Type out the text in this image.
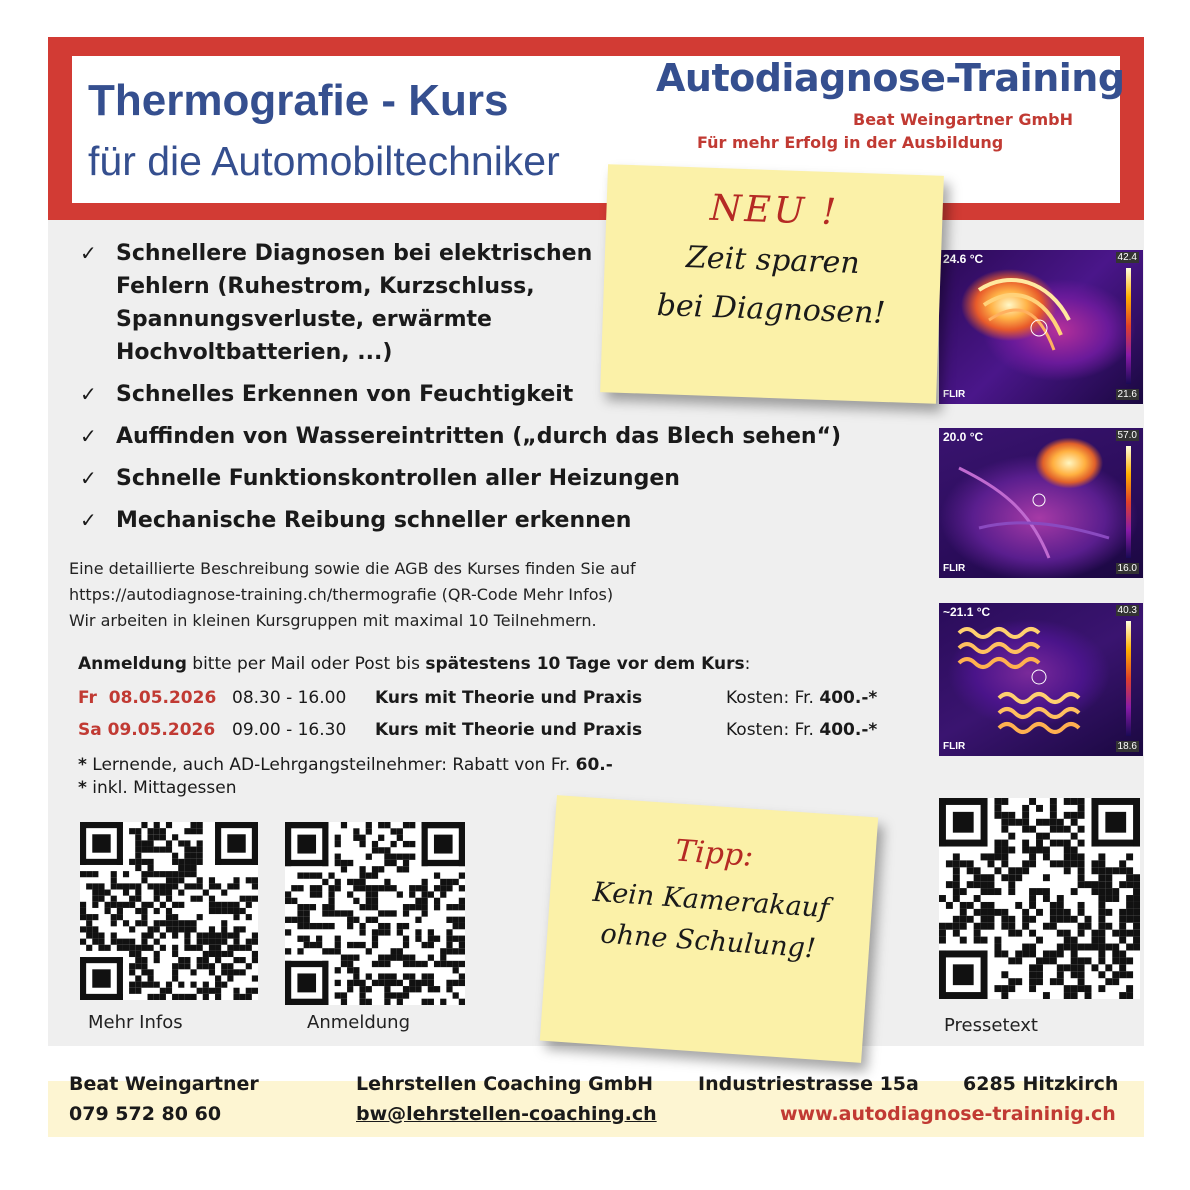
Thermografie - Kurs
für die Automobiltechniker
Autodiagnose-Training
Beat Weingartner GmbH
Für mehr Erfolg in der Ausbildung
✓ Schnellere Diagnosen bei elektrischen Fehlern (Ruhestrom, Kurzschluss, Spannungsverluste, erwärmte Hochvoltbatterien, ...)
✓ Schnelles Erkennen von Feuchtigkeit
✓ Auffinden von Wassereintritten („durch das Blech sehen“)
✓ Schnelle Funktionskontrollen aller Heizungen
✓ Mechanische Reibung schneller erkennen
Eine detaillierte Beschreibung sowie die AGB des Kurses finden Sie auf
https://autodiagnose-training.ch/thermografie (QR-Code Mehr Infos)
Wir arbeiten in kleinen Kursgruppen mit maximal 10 Teilnehmern.
Anmeldung bitte per Mail oder Post bis spätestens 10 Tage vor dem Kurs:
Fr  08.05.2026 08.30 - 16.00	Kurs mit Theorie und Praxis	Kosten: Fr. 400.-*
Sa 09.05.2026 09.00 - 16.30	Kurs mit Theorie und Praxis	Kosten: Fr. 400.-*
* Lernende, auch AD-Lehrgangsteilnehmer: Rabatt von Fr. 60.-
* inkl. Mittagessen
24.6 °C	42.4
21.6
FLIR
20.0 °C	57.0
16.0
FLIR
~21.1 °C	40.3
18.6
FLIR
NEU !
Zeit sparen
bei Diagnosen!
Mehr Infos	Anmeldung	Pressetext
Tipp:
Kein Kamerakauf
ohne Schulung!
Beat Weingartner
079 572 80 60
Lehrstellen Coaching GmbH
bw@lehrstellen-coaching.ch
Industriestrasse 15a 6285 Hitzkirch
www.autodiagnose-traininig.ch
